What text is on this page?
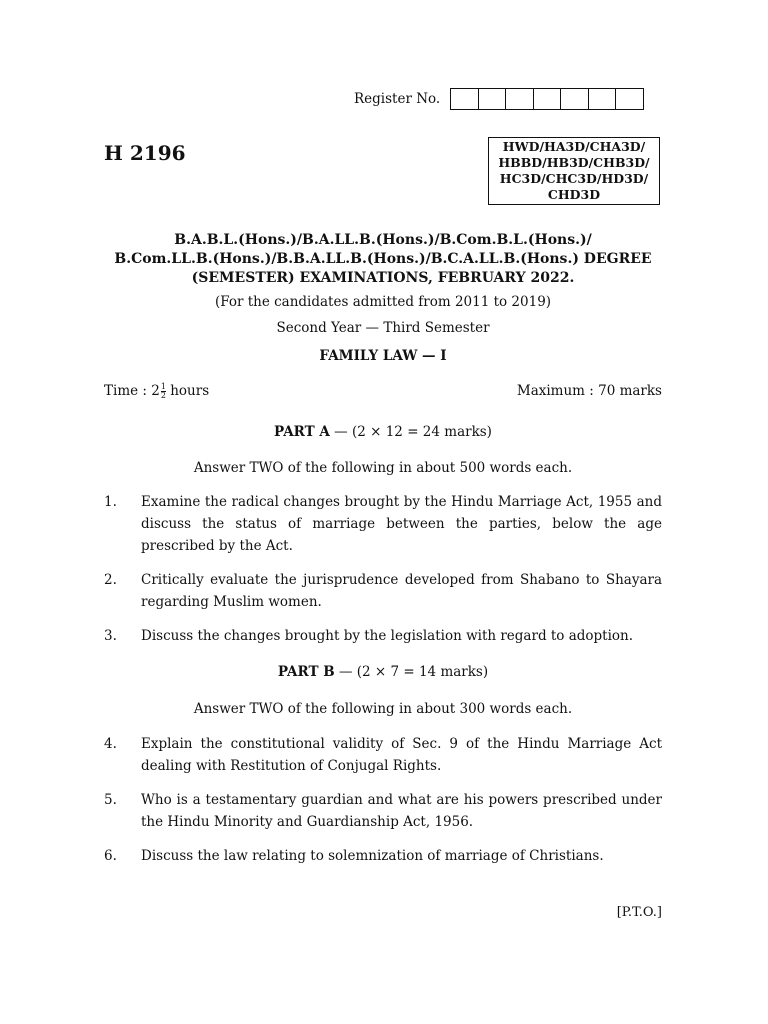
Register No.
H 2196	HWD/HA3D/CHA3D/
HBBD/HB3D/CHB3D/
HC3D/CHC3D/HD3D/
CHD3D
B.A.B.L.(Hons.)/B.A.LL.B.(Hons.)/B.Com.B.L.(Hons.)/
B.Com.LL.B.(Hons.)/B.B.A.LL.B.(Hons.)/B.C.A.LL.B.(Hons.) DEGREE
(SEMESTER) EXAMINATIONS, FEBRUARY 2022.
(For the candidates admitted from 2011 to 2019)
Second Year — Third Semester
FAMILY LAW — I
Time : $2 \frac{1}{2}$ hours	Maximum : 70 marks
PART A — (2 × 12 = 24 marks)
Answer TWO of the following in about 500 words each.
1.	Examine the radical changes brought by the Hindu Marriage Act, 1955 and discuss the status of marriage between the parties, below the age prescribed by the Act.
2.	Critically evaluate the jurisprudence developed from Shabano to Shayara regarding Muslim women.
3.	Discuss the changes brought by the legislation with regard to adoption.
PART B — (2 × 7 = 14 marks)
Answer TWO of the following in about 300 words each.
4.	Explain the constitutional validity of Sec. 9 of the Hindu Marriage Act dealing with Restitution of Conjugal Rights.
5.	Who is a testamentary guardian and what are his powers prescribed under the Hindu Minority and Guardianship Act, 1956.
6.	Discuss the law relating to solemnization of marriage of Christians.
[P.T.O.]
